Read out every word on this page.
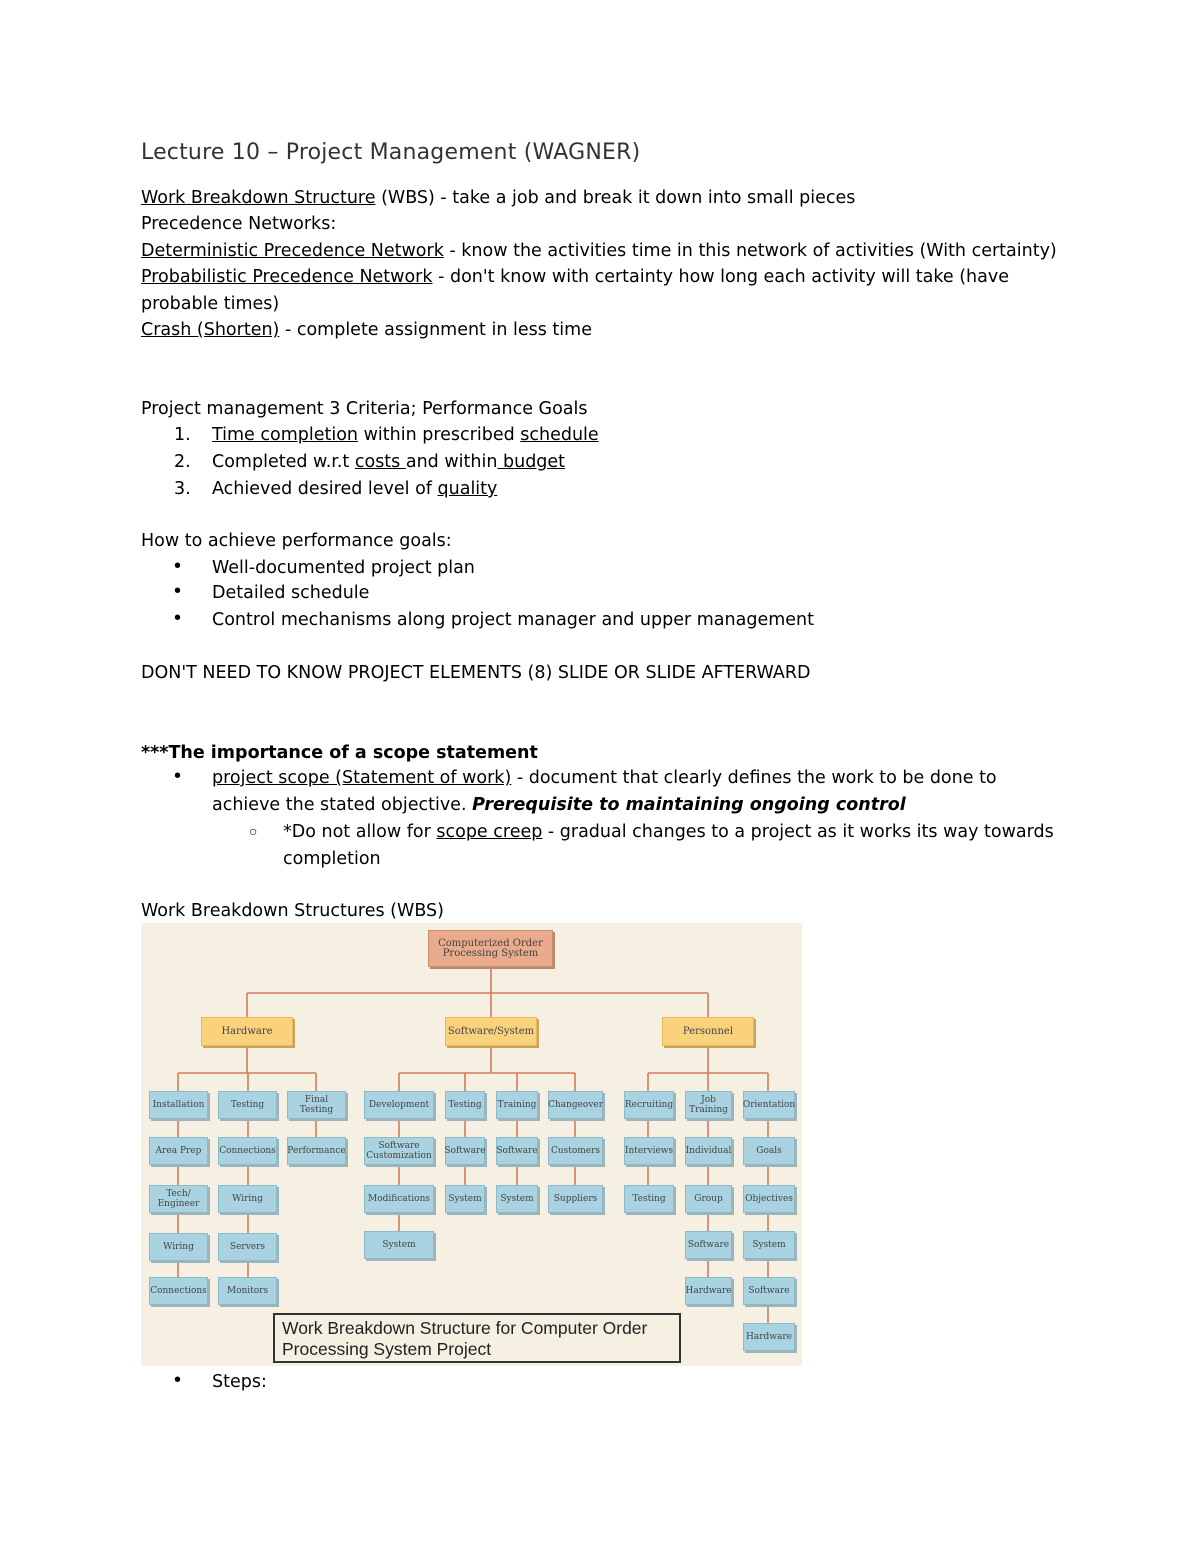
Lecture 10 – Project Management (WAGNER)
Work Breakdown Structure (WBS) - take a job and break it down into small pieces
Precedence Networks:
Deterministic Precedence Network - know the activities time in this network of activities (With certainty)
Probabilistic Precedence Network - don't know with certainty how long each activity will take (have
probable times)
Crash (Shorten) - complete assignment in less time
Project management 3 Criteria; Performance Goals
1. Time completion within prescribed schedule
2. Completed w.r.t costs and within budget
3. Achieved desired level of quality
How to achieve performance goals:
• Well-documented project plan
• Detailed schedule
• Control mechanisms along project manager and upper management
DON'T NEED TO KNOW PROJECT ELEMENTS (8) SLIDE OR SLIDE AFTERWARD
***The importance of a scope statement
• project scope (Statement of work) - document that clearly defines the work to be done to
achieve the stated objective. Prerequisite to maintaining ongoing control
○ *Do not allow for scope creep - gradual changes to a project as it works its way towards
completion
Work Breakdown Structures (WBS)
Computerized Order Processing System
Hardware	Software/System	Personnel
Installation
Area Prep
Tech/ Engineer
Wiring
Connections
Testing
Connections
Wiring
Servers
Monitors
Final Testing
Performance
Development
Software Customization
Modifications
System
Testing
Software
System
Training
Software
System
Changeover
Customers
Suppliers
Recruiting
Interviews
Testing
Job Training
Individual
Group
Software
Hardware
Orientation
Goals
Objectives
System
Software
Hardware
Work Breakdown Structure for Computer Order Processing System Project
• Steps:
